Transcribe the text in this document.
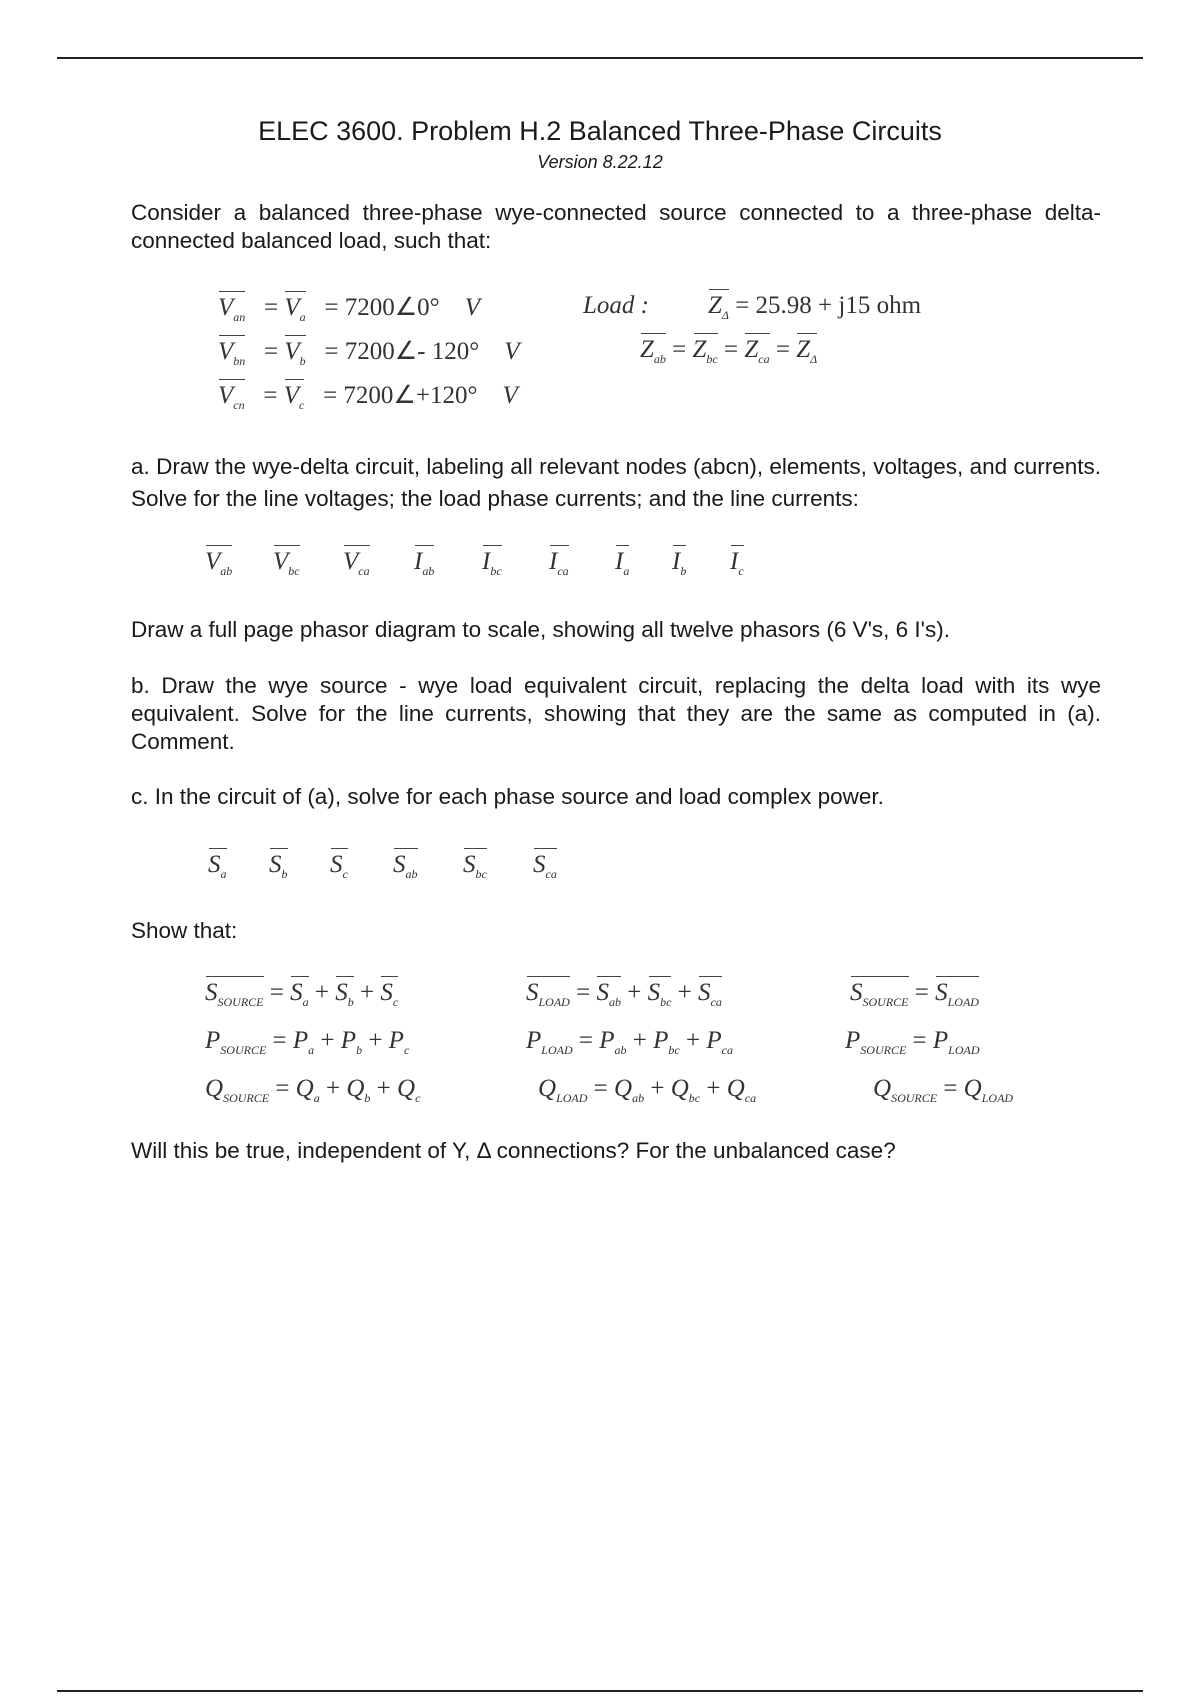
ELEC 3600. Problem H.2 Balanced Three-Phase Circuits
Version 8.22.12

Consider a balanced three-phase wye-connected source connected to a three-phase delta-connected balanced load, such that:

$V_{an} = V_a$ = 7200∠0° V
$V_{bn} = V_b$ = 7200∠- 120° V
$V_{cn} = V_c$ = 7200∠+120° V
Load : $Z_\Delta = 25.98 + j15$ ohm
$Z_{ab} = Z_{bc} = Z_{ca} = Z_\Delta$

a. Draw the wye-delta circuit, labeling all relevant nodes (abcn), elements, voltages, and currents. Solve for the line voltages; the load phase currents; and the line currents:

$V_{ab}$ $V_{bc}$ $V_{ca}$ $I_{ab}$ $I_{bc}$ $I_{ca}$ $I_a$ $I_b$ $I_c$

Draw a full page phasor diagram to scale, showing all twelve phasors (6 V's, 6 I's).

b. Draw the wye source - wye load equivalent circuit, replacing the delta load with its wye equivalent. Solve for the line currents, showing that they are the same as computed in (a). Comment.

c. In the circuit of (a), solve for each phase source and load complex power.

$S_a$ $S_b$ $S_c$ $S_{ab}$ $S_{bc}$ $S_{ca}$

Show that:

$S_{SOURCE} = S_a + S_b + S_c$
$P_{SOURCE} = P_a + P_b + P_c$
$Q_{SOURCE} = Q_a + Q_b + Q_c$
$S_{LOAD} = S_{ab} + S_{bc} + S_{ca}$
$P_{LOAD} = P_{ab} + P_{bc} + P_{ca}$
$Q_{LOAD} = Q_{ab} + Q_{bc} + Q_{ca}$
$S_{SOURCE} = S_{LOAD}$
$P_{SOURCE} = P_{LOAD}$
$Q_{SOURCE} = Q_{LOAD}$

Will this be true, independent of Y, Δ connections? For the unbalanced case?
